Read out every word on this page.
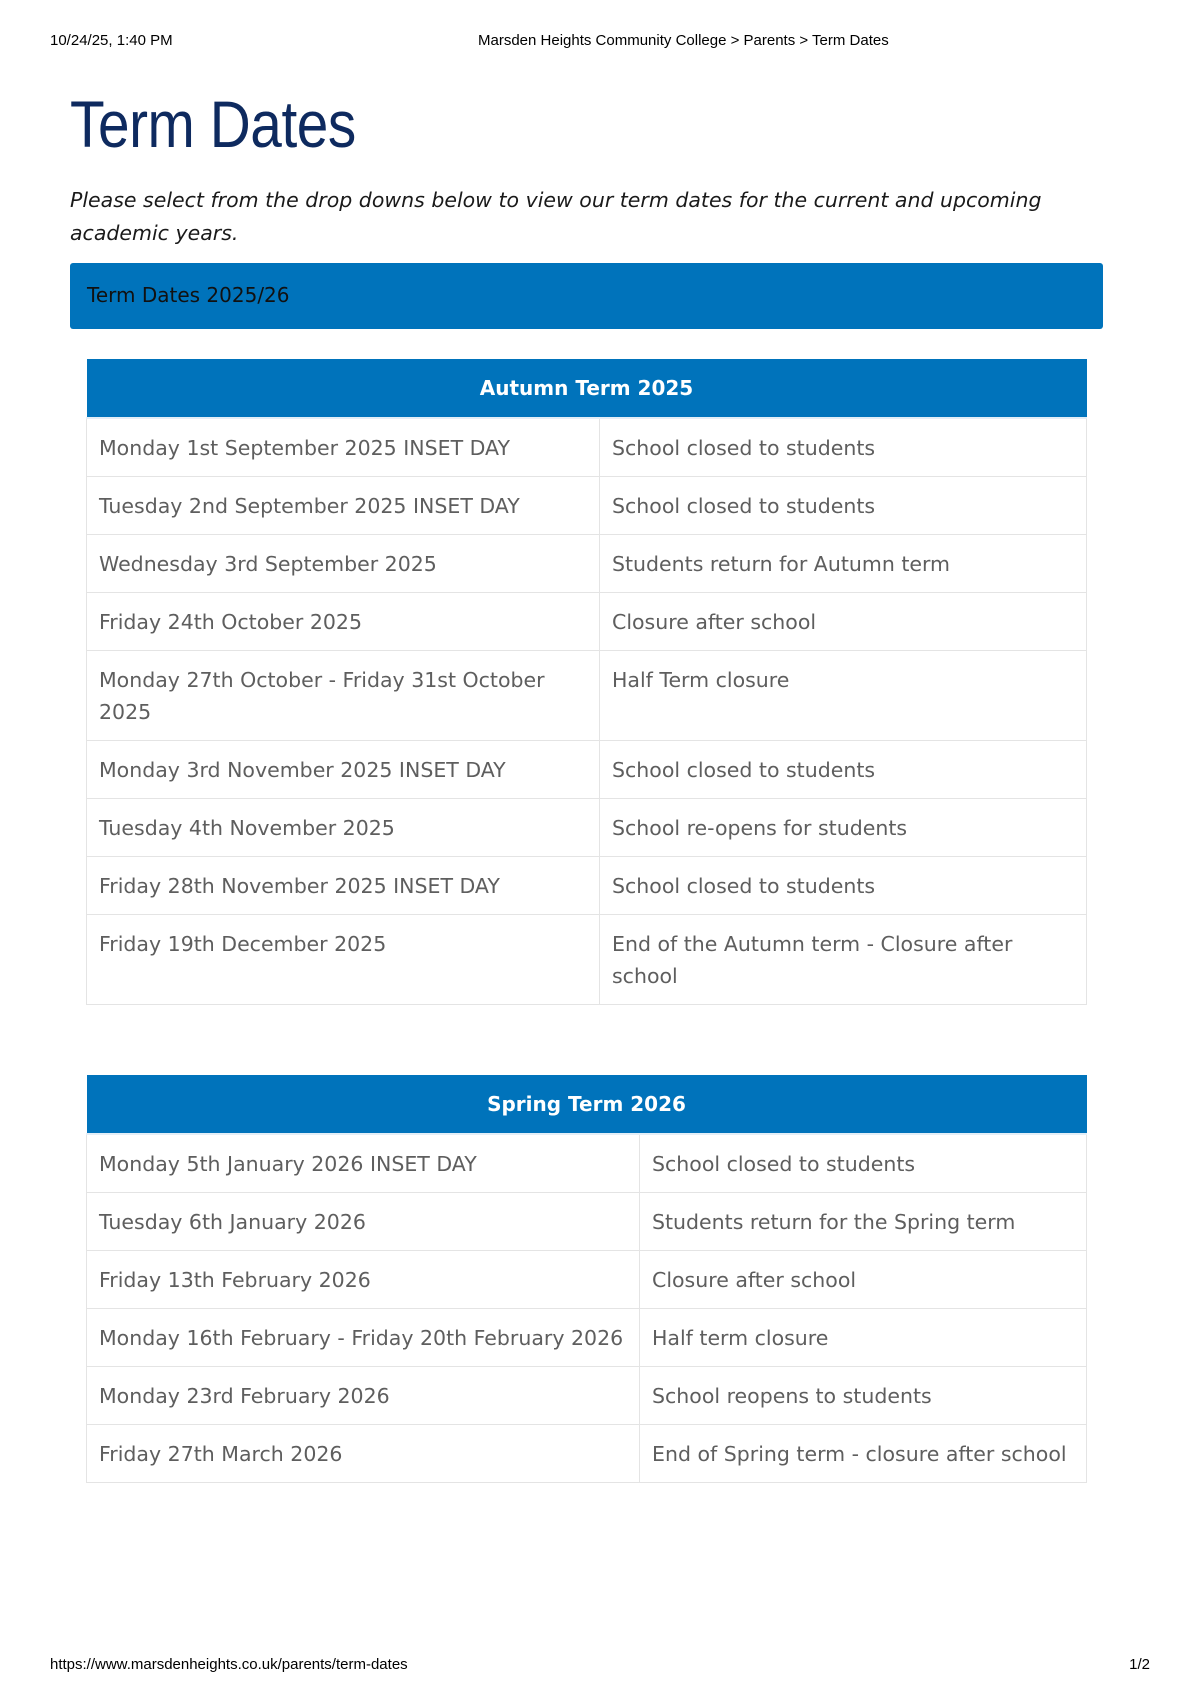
10/24/25, 1:40 PM	Marsden Heights Community College > Parents > Term Dates
Term Dates

Please select from the drop downs below to view our term dates for the current and upcoming academic years.

Term Dates 2025/26
Autumn Term 2025	
Monday 1st September 2025 INSET DAY	School closed to students
Tuesday 2nd September 2025 INSET DAY	School closed to students
Wednesday 3rd September 2025	Students return for Autumn term
Friday 24th October 2025	Closure after school
Monday 27th October - Friday 31st October 2025	Half Term closure
Monday 3rd November 2025 INSET DAY	School closed to students
Tuesday 4th November 2025	School re-opens for students
Friday 28th November 2025 INSET DAY	School closed to students
Friday 19th December 2025	End of the Autumn term - Closure after school
Spring Term 2026	
Monday 5th January 2026 INSET DAY	School closed to students
Tuesday 6th January 2026	Students return for the Spring term
Friday 13th February 2026	Closure after school
Monday 16th February - Friday 20th February 2026	Half term closure
Monday 23rd February 2026	School reopens to students
Friday 27th March 2026	End of Spring term - closure after school
https://www.marsdenheights.co.uk/parents/term-dates	1/2
